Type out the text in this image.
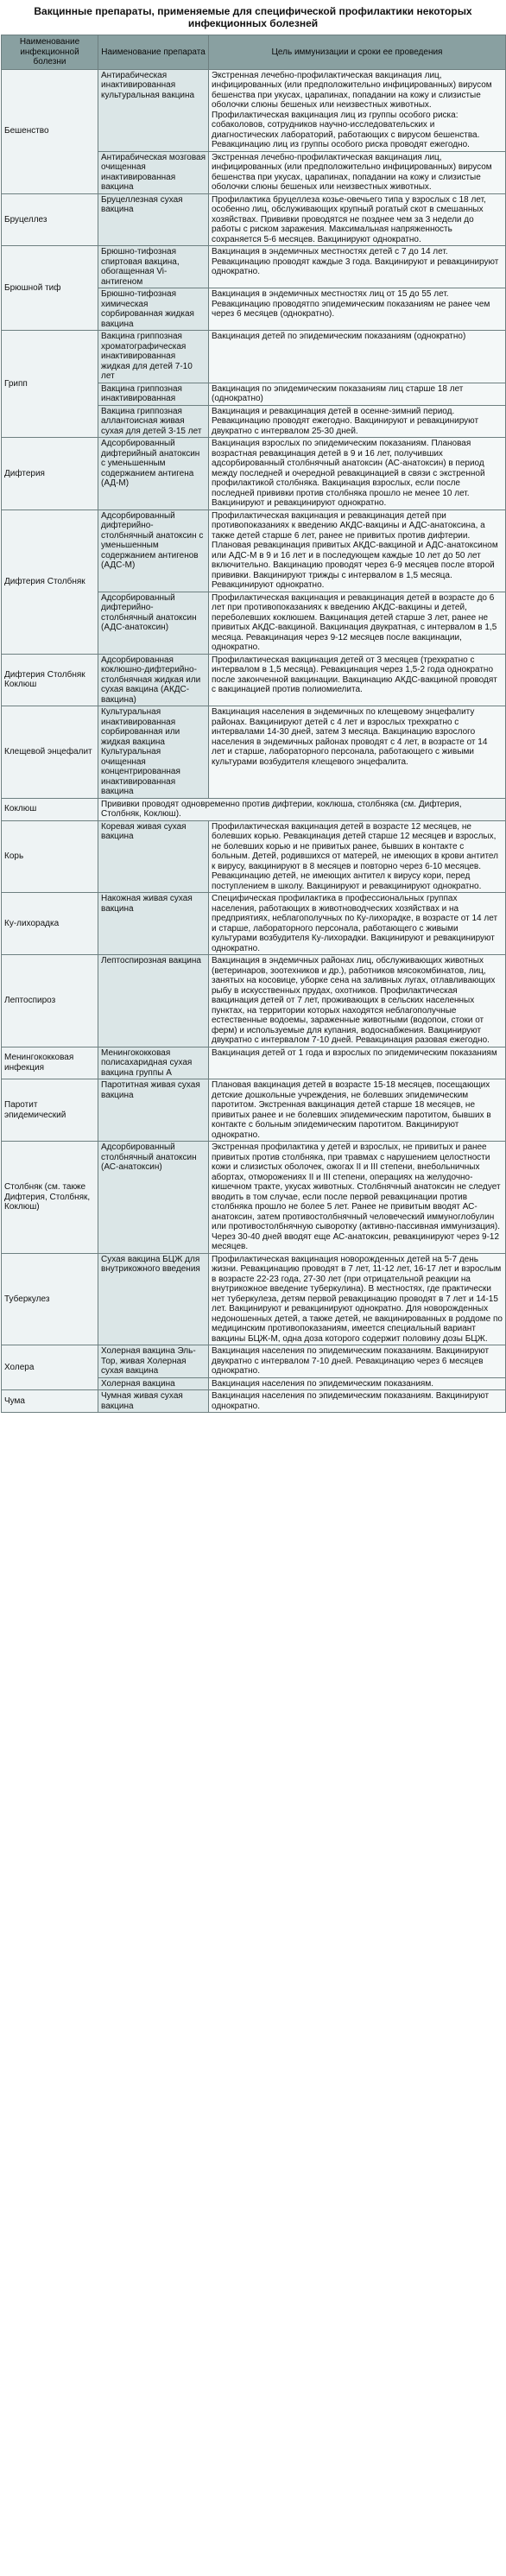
Вакцинные препараты, применяемые для специфической профилактики некоторых инфекционных болезней
Наименование инфекционной болезни	Наименование препарата	Цель иммунизации и сроки ее проведения
Бешенство	Антирабическая инактивированная культуральная вакцина	Экстренная лечебно-профилактическая вакцинация лиц, инфицированных (или предположительно инфицированных) вирусом бешенства при укусах, царапинах, попадании на кожу и слизистые оболочки слюны бешеных или неизвестных животных. Профилактическая вакцинация лиц из группы особого риска: собаколовов, сотрудников научно-исследовательских и диагностических лабораторий, работающих с вирусом бешенства. Ревакцинацию лиц из группы особого риска проводят ежегодно.
	Антирабическая мозговая очищенная инактивированная вакцина	Экстренная лечебно-профилактическая вакцинация лиц, инфицированных (или предположительно инфицированных) вирусом бешенства при укусах, царапинах, попадании на кожу и слизистые оболочки слюны бешеных или неизвестных животных.
Бруцеллез	Бруцеллезная сухая вакцина	Профилактика бруцеллеза козье-овечьего типа у взрослых с 18 лет, особенно лиц, обслуживающих крупный рогатый скот в смешанных хозяйствах. Прививки проводятся не позднее чем за 3 недели до работы с риском заражения. Максимальная напряженность сохраняется 5-6 месяцев. Вакцинируют однократно.
Брюшной тиф	Брюшно-тифозная спиртовая вакцина, обогащенная Vi-антигеном	Вакцинация в эндемичных местностях детей с 7 до 14 лет. Ревакцинацию проводят каждые 3 года. Вакцинируют и ревакцинируют однократно.
	Брюшно-тифозная химическая сорбированная жидкая вакцина	Вакцинация в эндемичных местностях лиц от 15 до 55 лет. Ревакцинацию проводятпо эпидемическим показаниям не ранее чем через 6 месяцев (однократно).
Грипп	Вакцина гриппозная хроматографическая инактивированная жидкая для детей 7-10 лет	Вакцинация детей по эпидемическим показаниям (однократно)
	Вакцина гриппозная инактивированная	Вакцинация по эпидемическим показаниям лиц старше 18 лет (однократно)
	Вакцина гриппозная аллантоисная живая сухая для детей 3-15 лет	Вакцинация и ревакцинация детей в осенне-зимний период. Ревакцинацию проводят ежегодно. Вакцинируют и ревакцинируют двукратно с интервалом 25-30 дней.
Дифтерия	Адсорбированный дифтерийный анатоксин с уменьшенным содержанием антигена (АД-М)	Вакцинация взрослых по эпидемическим показаниям. Плановая возрастная ревакцинация детей в 9 и 16 лет, получивших адсорбированный столбнячный анатоксин (АС-анатоксин) в период между последней и очередной ревакцинацией в связи с экстренной профилактикой столбняка. Вакцинация взрослых, если после последней прививки против столбняка прошло не менее 10 лет. Вакцинируют и ревакцинируют однократно.
Дифтерия Столбняк	Адсорбированный дифтерийно-столбнячный анатоксин с уменьшенным содержанием антигенов (АДС-М)	Профилактическая вакцинация и ревакцинация детей при противопоказаниях к введению АКДС-вакцины и АДС-анатоксина, а также детей старше 6 лет, ранее не привитых против дифтерии. Плановая ревакцинация привитых АКДС-вакциной и АДС-анатоксином или АДС-М в 9 и 16 лет и в последующем каждые 10 лет до 50 лет включительно. Вакцинацию проводят через 6-9 месяцев после второй прививки. Вакцинируют трижды с интервалом в 1,5 месяца. Ревакцинируют однократно.
	Адсорбированный дифтерийно-столбнячный анатоксин (АДС-анатоксин)	Профилактическая вакцинация и ревакцинация детей в возрасте до 6 лет при противопоказаниях к введению АКДС-вакцины и детей, переболевших коклюшем. Вакцинация детей старше 3 лет, ранее не привитых АКДС-вакциной. Вакцинация двукратная, с интервалом в 1,5 месяца. Ревакцинация через 9-12 месяцев после вакцинации, однократно.
Дифтерия Столбняк Коклюш	Адсорбированная коклюшно-дифтерийно-столбнячная жидкая или сухая вакцина (АКДС-вакцина)	Профилактическая вакцинация детей от 3 месяцев (трехкратно с интервалом в 1,5 месяца). Ревакцинация через 1,5-2 года однократно после законченной вакцинации. Вакцинацию АКДС-вакциной проводят с вакцинацией против полиомиелита.
Клещевой энцефалит	Культуральная инактивированная сорбированная или жидкая вакцина Культуральная очищенная концентрированная инактивированная вакцина	Вакцинация населения в эндемичных по клещевому энцефалиту районах. Вакцинируют детей с 4 лет и взрослых трехкратно с интервалами 14-30 дней, затем 3 месяца. Вакцинацию взрослого населения в эндемичных районах проводят с 4 лет, в возрасте от 14 лет и старше, лабораторного персонала, работающего с живыми культурами возбудителя клещевого энцефалита.
Коклюш	Прививки проводят одновременно против дифтерии, коклюша, столбняка (см. Дифтерия, Столбняк, Коклюш).	
Корь	Коревая живая сухая вакцина	Профилактическая вакцинация детей в возрасте 12 месяцев, не болевших корью. Ревакцинация детей старше 12 месяцев и взрослых, не болевших корью и не привитых ранее, бывших в контакте с больным. Детей, родившихся от матерей, не имеющих в крови антител к вирусу, вакцинируют в 8 месяцев и повторно через 6-10 месяцев. Ревакцинацию детей, не имеющих антител к вирусу кори, перед поступлением в школу. Вакцинируют и ревакцинируют однократно.
Ку-лихорадка	Накожная живая сухая вакцина	Специфическая профилактика в профессиональных группах населения, работающих в животноводческих хозяйствах и на предприятиях, неблагополучных по Ку-лихорадке, в возрасте от 14 лет и старше, лабораторного персонала, работающего с живыми культурами возбудителя Ку-лихорадки. Вакцинируют и ревакцинируют однократно.
Лептоспироз	Лептоспирозная вакцина	Вакцинация в эндемичных районах лиц, обслуживающих животных (ветеринаров, зоотехников и др.), работников мясокомбинатов, лиц, занятых на косовице, уборке сена на заливных лугах, отлавливающих рыбу в искусственных прудах, охотников. Профилактическая вакцинация детей от 7 лет, проживающих в сельских населенных пунктах, на территории которых находятся неблагополучные естественные водоемы, зараженные животными (водопои, стоки от ферм) и используемые для купания, водоснабжения. Вакцинируют двукратно с интервалом 7-10 дней. Ревакцинация разовая ежегодно.
Менингококковая инфекция	Менингококковая полисахаридная сухая вакцина группы А	Вакцинация детей от 1 года и взрослых по эпидемическим показаниям
Паротит эпидемический	Паротитная живая сухая вакцина	Плановая вакцинация детей в возрасте 15-18 месяцев, посещающих детские дошкольные учреждения, не болевших эпидемическим паротитом. Экстренная вакцинация детей старше 18 месяцев, не привитых ранее и не болевших эпидемическим паротитом, бывших в контакте с больным эпидемическим паротитом. Вакцинируют однократно.
Столбняк (см. также Дифтерия, Столбняк, Коклюш)	Адсорбированный столбнячный анатоксин (АС-анатоксин)	Экстренная профилактика у детей и взрослых, не привитых и ранее привитых против столбняка, при травмах с нарушением целостности кожи и слизистых оболочек, ожогах II и III степени, внебольничных абортах, отморожениях II и III степени, операциях на желудочно-кишечном тракте, укусах животных. Столбнячный анатоксин не следует вводить в том случае, если после первой ревакцинации против столбняка прошло не более 5 лет. Ранее не привитым вводят АС-анатоксин, затем противостолбнячный человеческий иммуноглобулин или противостолбнячную сыворотку (активно-пассивная иммунизация). Через 30-40 дней вводят еще АС-анатоксин, ревакцинируют через 9-12 месяцев.
Туберкулез	Сухая вакцина БЦЖ для внутрикожного введения	Профилактическая вакцинация новорожденных детей на 5-7 день жизни. Ревакцинацию проводят в 7 лет, 11-12 лет, 16-17 лет и взрослым в возрасте 22-23 года, 27-30 лет (при отрицательной реакции на внутрикожное введение туберкулина). В местностях, где практически нет туберкулеза, детям первой ревакцинацию проводят в 7 лет и 14-15 лет. Вакцинируют и ревакцинируют однократно. Для новорожденных недоношенных детей, а также детей, не вакцинированных в роддоме по медицинским противопоказаниям, имеется специальный вариант вакцины БЦЖ-М, одна доза которого содержит половину дозы БЦЖ.
Холера	Холерная вакцина Эль-Тор, живая Холерная сухая вакцина	Вакцинация населения по эпидемическим показаниям. Вакцинируют двукратно с интервалом 7-10 дней. Ревакцинацию через 6 месяцев однократно.
	Холерная вакцина	Вакцинация населения по эпидемическим показаниям.
Чума	Чумная живая сухая вакцина	Вакцинация населения по эпидемическим показаниям. Вакцинируют однократно.
